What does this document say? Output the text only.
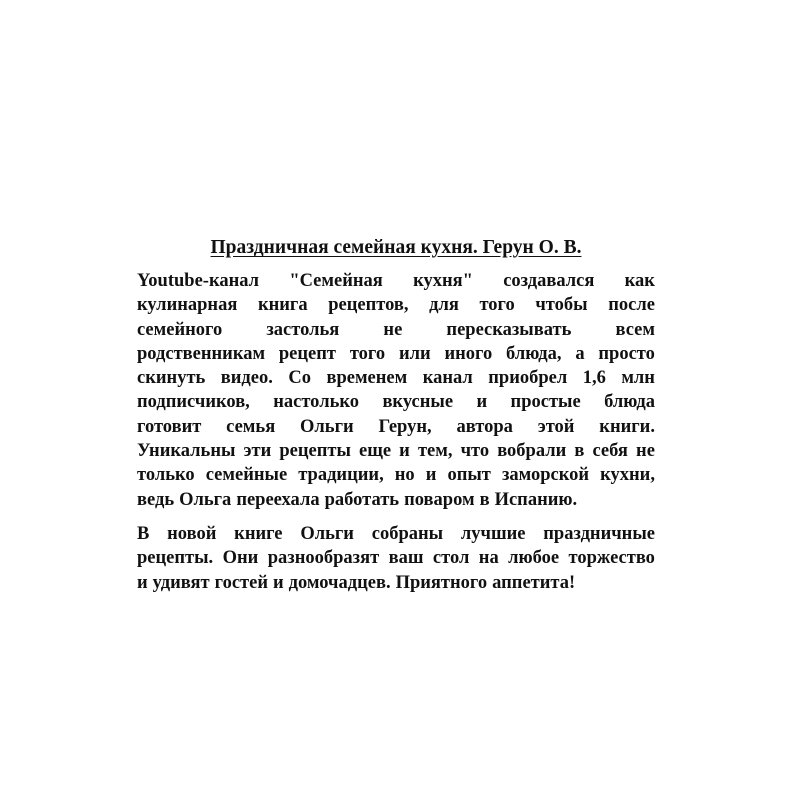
Праздничная семейная кухня. Герун О. В.
Youtube-канал "Семейная кухня" создавался как
кулинарная книга рецептов, для того чтобы после
семейного застолья не пересказывать всем
родственникам рецепт того или иного блюда, а просто
скинуть видео. Со временем канал приобрел 1,6 млн
подписчиков, настолько вкусные и простые блюда
готовит семья Ольги Герун, автора этой книги.
Уникальны эти рецепты еще и тем, что вобрали в себя не
только семейные традиции, но и опыт заморской кухни,
ведь Ольга переехала работать поваром в Испанию.
В новой книге Ольги собраны лучшие праздничные
рецепты. Они разнообразят ваш стол на любое торжество
и удивят гостей и домочадцев. Приятного аппетита!
